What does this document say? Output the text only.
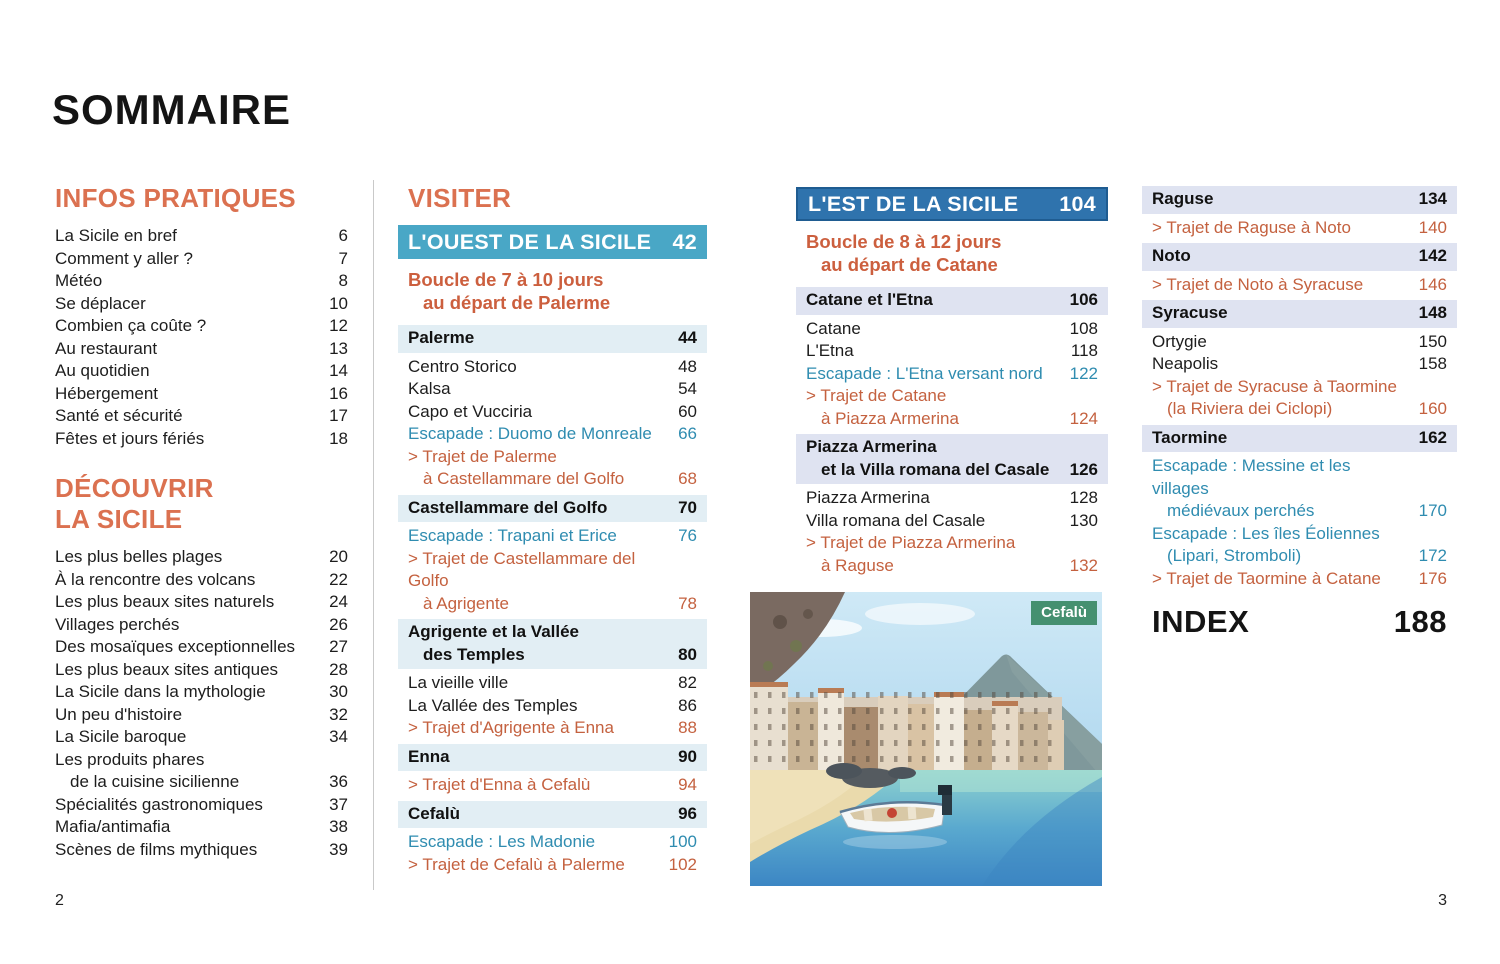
SOMMAIRE
INFOS PRATIQUES
La Sicile en bref	6
Comment y aller ?	7
Météo	8
Se déplacer	10
Combien ça coûte ?	12
Au restaurant	13
Au quotidien	14
Hébergement	16
Santé et sécurité	17
Fêtes et jours fériés	18
DÉCOUVRIR
LA SICILE
Les plus belles plages	20
À la rencontre des volcans	22
Les plus beaux sites naturels	24
Villages perchés	26
Des mosaïques exceptionnelles	27
Les plus beaux sites antiques	28
La Sicile dans la mythologie	30
Un peu d'histoire	32
La Sicile baroque	34
Les produits phares
de la cuisine sicilienne	36
Spécialités gastronomiques	37
Mafia/antimafia	38
Scènes de films mythiques	39
VISITER
L'OUEST DE LA SICILE 42
Boucle de 7 à 10 jours
au départ de Palerme
Palerme	44
Centro Storico	48
Kalsa	54
Capo et Vucciria	60
Escapade : Duomo de Monreale	66
> Trajet de Palerme
à Castellammare del Golfo	68
Castellammare del Golfo	70
Escapade : Trapani et Erice	76
> Trajet de Castellammare del Golfo
à Agrigente	78
Agrigente et la Vallée
des Temples	80
La vieille ville	82
La Vallée des Temples	86
> Trajet d'Agrigente à Enna	88
Enna	90
> Trajet d'Enna à Cefalù	94
Cefalù	96
Escapade : Les Madonie	100
> Trajet de Cefalù à Palerme	102
L'EST DE LA SICILE 104
Boucle de 8 à 12 jours
au départ de Catane
Catane et l'Etna	106
Catane	108
L'Etna	118
Escapade : L'Etna versant nord	122
> Trajet de Catane
à Piazza Armerina	124
Piazza Armerina
et la Villa romana del Casale	126
Piazza Armerina	128
Villa romana del Casale	130
> Trajet de Piazza Armerina
à Raguse	132
Cefalù
Raguse	134
> Trajet de Raguse à Noto	140
Noto	142
> Trajet de Noto à Syracuse	146
Syracuse	148
Ortygie	150
Neapolis	158
> Trajet de Syracuse à Taormine
(la Riviera dei Ciclopi)	160
Taormine	162
Escapade : Messine et les villages
médiévaux perchés	170
Escapade : Les îles Éoliennes
(Lipari, Stromboli)	172
> Trajet de Taormine à Catane	176
INDEX	188
2	3
